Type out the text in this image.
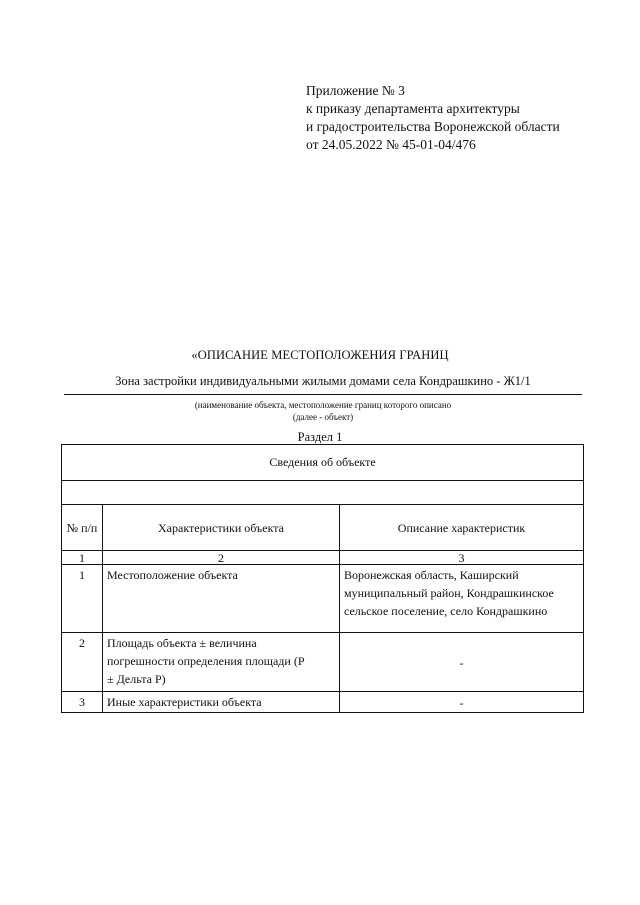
Приложение № 3
к приказу департамента архитектуры
и градостроительства Воронежской области
от 24.05.2022 № 45-01-04/476
«ОПИСАНИЕ МЕСТОПОЛОЖЕНИЯ ГРАНИЦ
Зона застройки индивидуальными жилыми домами села Кондрашкино - Ж1/1
(наименование объекта, местоположение границ которого описано
(далее - объект)
Раздел 1
Сведения об объекте		

№ п/п	Характеристики объекта	Описание характеристик
1	2	3
1	Местоположение объекта	Воронежская область, Каширский муниципальный район, Кондрашкинское сельское поселение, село Кондрашкино
2	Площадь объекта ± величина погрешности определения площади (Р ± Дельта Р)	-
3	Иные характеристики объекта	-
